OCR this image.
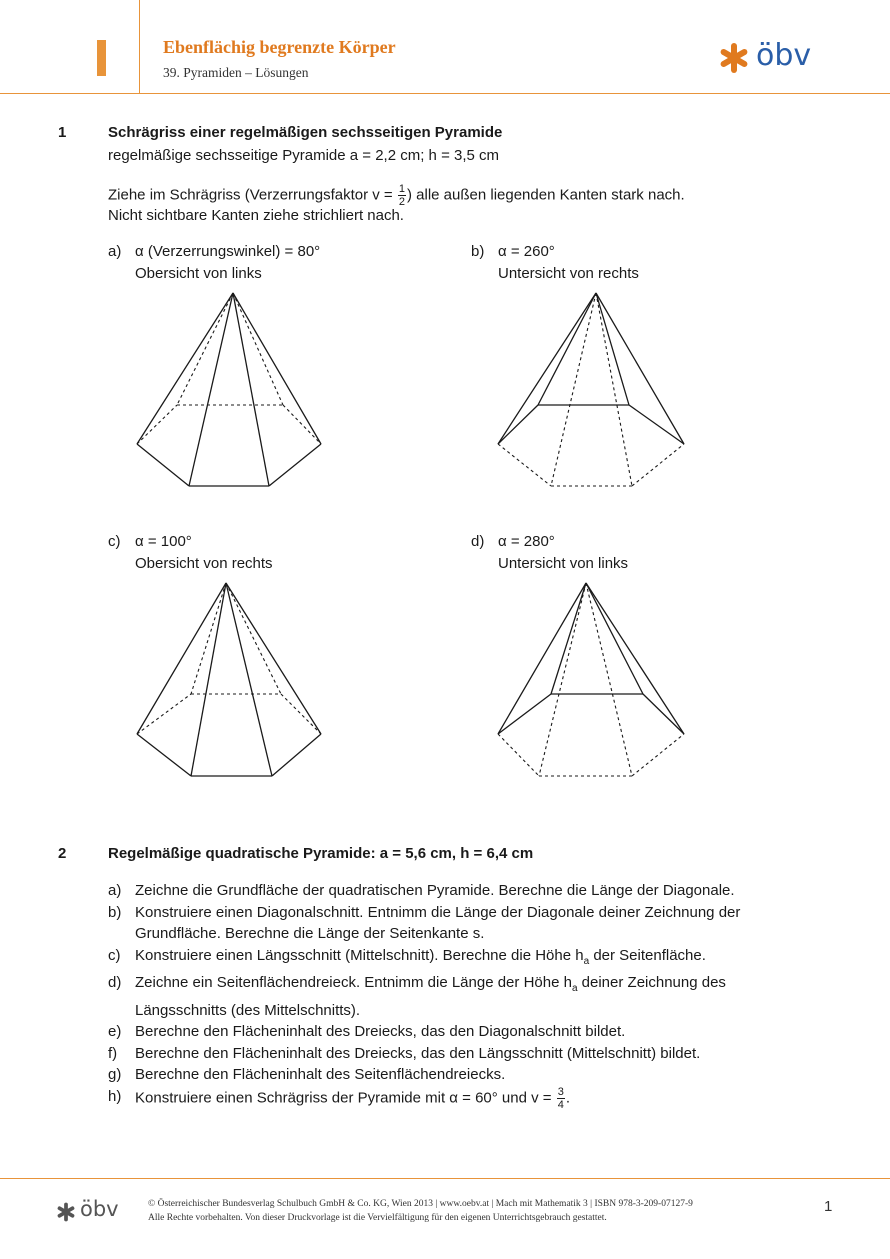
Ebenflächig begrenzte Körper
39. Pyramiden – Lösungen	öbv
1	Schrägriss einer regelmäßigen sechsseitigen Pyramide
regelmäßige sechsseitige Pyramide a = 2,2 cm; h = 3,5 cm
Ziehe im Schrägriss (Verzerrungsfaktor $v = \frac{1}{2}$ ) alle außen liegenden Kanten stark nach.
Nicht sichtbare Kanten ziehe strichliert nach.
a) α (Verzerrungswinkel) = 80°
Obersicht von links
b) α = 260°
Untersicht von rechts
c) α = 100°
Obersicht von rechts
d) α = 280°
Untersicht von links
2	Regelmäßige quadratische Pyramide: a = 5,6 cm, h = 6,4 cm
a) Zeichne die Grundfläche der quadratischen Pyramide. Berechne die Länge der Diagonale.
b) Konstruiere einen Diagonalschnitt. Entnimm die Länge der Diagonale deiner Zeichnung der
Grundfläche. Berechne die Länge der Seitenkante s.
c) Konstruiere einen Längsschnitt (Mittelschnitt). Berechne die Höhe $h_a$ der Seitenfläche.
d) Zeichne ein Seitenflächendreieck. Entnimm die Länge der Höhe $h_a$ deiner Zeichnung des
Längsschnitts (des Mittelschnitts).
e) Berechne den Flächeninhalt des Dreiecks, das den Diagonalschnitt bildet.
f) Berechne den Flächeninhalt des Dreiecks, das den Längsschnitt (Mittelschnitt) bildet.
g) Berechne den Flächeninhalt des Seitenflächendreiecks.
h) Konstruiere einen Schrägriss der Pyramide mit α = 60° und $v = \frac{3}{4}$ .
öbv	© Österreichischer Bundesverlag Schulbuch GmbH & Co. KG, Wien 2013 | www.oebv.at | Mach mit Mathematik 3 | ISBN 978-3-209-07127-9
Alle Rechte vorbehalten. Von dieser Druckvorlage ist die Vervielfältigung für den eigenen Unterrichtsgebrauch gestattet.
1
